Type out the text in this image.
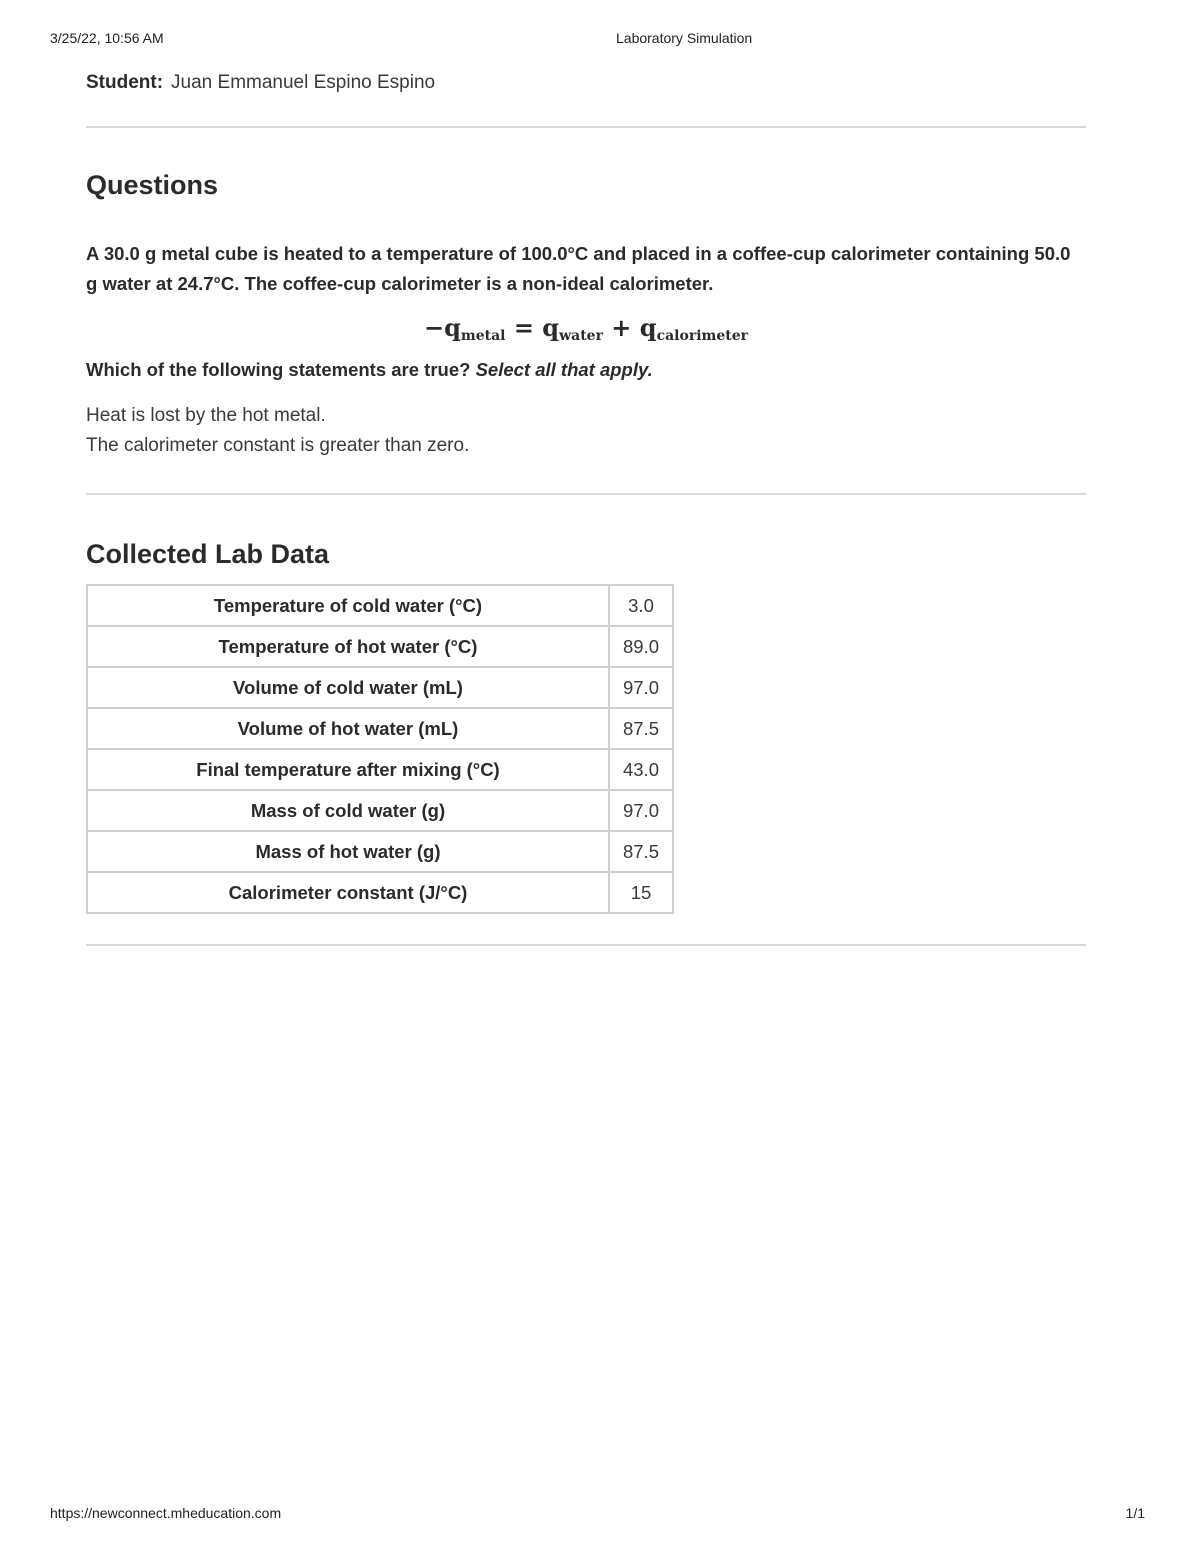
3/25/22, 10:56 AM	Laboratory Simulation
Student: Juan Emmanuel Espino Espino
Questions
A 30.0 g metal cube is heated to a temperature of 100.0°C and placed in a coffee-cup calorimeter containing 50.0 g water at 24.7°C. The coffee-cup calorimeter is a non-ideal calorimeter.
$-q_{metal} = q_{water} + q_{calorimeter}$
Which of the following statements are true? Select all that apply.
Heat is lost by the hot metal.
The calorimeter constant is greater than zero.
Collected Lab Data
Temperature of cold water (°C)	3.0
Temperature of hot water (°C)	89.0
Volume of cold water (mL)	97.0
Volume of hot water (mL)	87.5
Final temperature after mixing (°C)	43.0
Mass of cold water (g)	97.0
Mass of hot water (g)	87.5
Calorimeter constant (J/°C)	15
https://newconnect.mheducation.com	1/1
